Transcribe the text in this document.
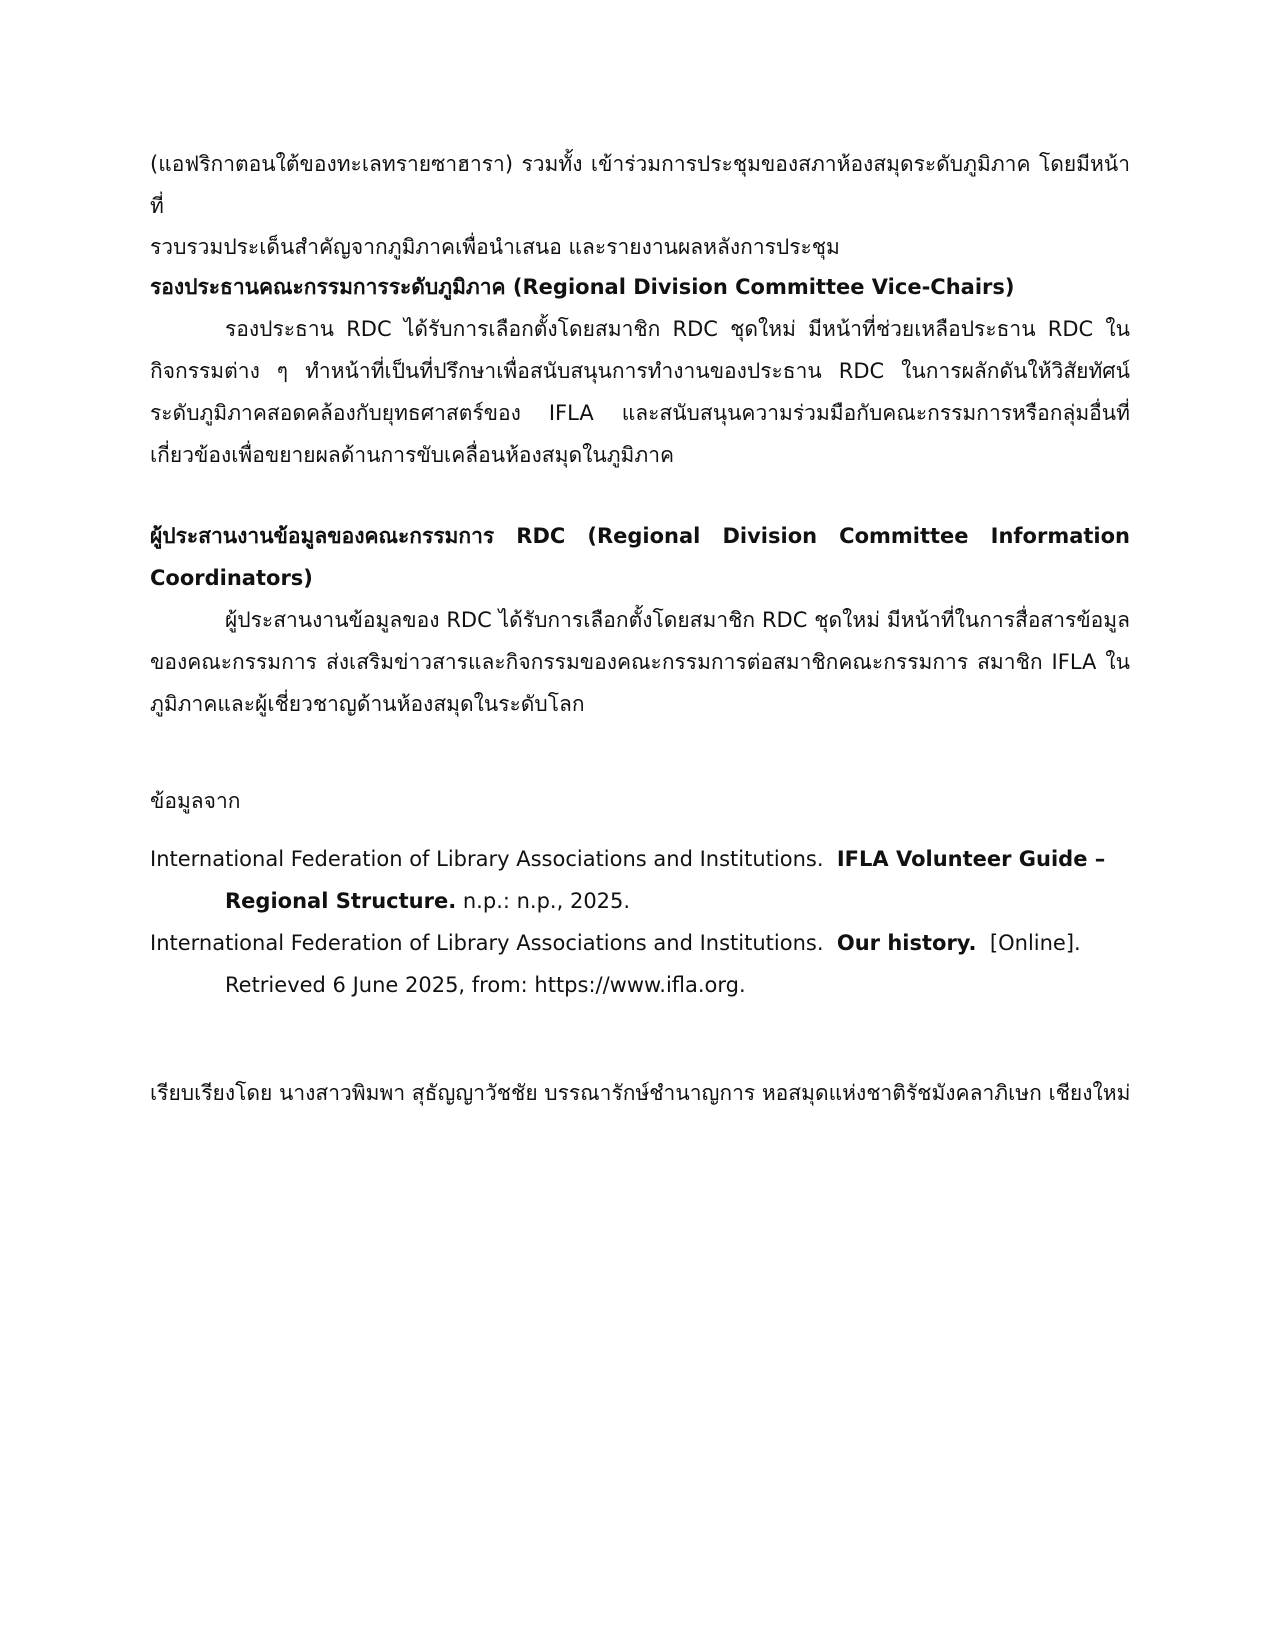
(แอฟริกาตอนใต้ของทะเลทรายซาฮารา) รวมทั้ง เข้าร่วมการประชุมของสภาห้องสมุดระดับภูมิภาค โดยมีหน้าที่

รวบรวมประเด็นสำคัญจากภูมิภาคเพื่อนำเสนอ และรายงานผลหลังการประชุม

รองประธานคณะกรรมการระดับภูมิภาค (Regional Division Committee Vice-Chairs)

รองประธาน RDC ได้รับการเลือกตั้งโดยสมาชิก RDC ชุดใหม่ มีหน้าที่ช่วยเหลือประธาน RDC ในกิจกรรมต่าง ๆ ทำหน้าที่เป็นที่ปรึกษาเพื่อสนับสนุนการทำงานของประธาน RDC ในการผลักดันให้วิสัยทัศน์ระดับภูมิภาคสอดคล้องกับยุทธศาสตร์ของ IFLA และสนับสนุนความร่วมมือกับคณะกรรมการหรือกลุ่มอื่นที่เกี่ยวข้องเพื่อขยายผลด้านการขับเคลื่อนห้องสมุดในภูมิภาค

ผู้ประสานงานข้อมูลของคณะกรรมการ RDC (Regional Division Committee Information Coordinators)

ผู้ประสานงานข้อมูลของ RDC ได้รับการเลือกตั้งโดยสมาชิก RDC ชุดใหม่ มีหน้าที่ในการสื่อสารข้อมูลของคณะกรรมการ ส่งเสริมข่าวสารและกิจกรรมของคณะกรรมการต่อสมาชิกคณะกรรมการ สมาชิก IFLA ในภูมิภาคและผู้เชี่ยวชาญด้านห้องสมุดในระดับโลก

ข้อมูลจาก

International Federation of Library Associations and Institutions. IFLA Volunteer Guide –

Regional Structure. n.p.: n.p., 2025.

International Federation of Library Associations and Institutions. Our history. [Online].

Retrieved 6 June 2025, from: https://www.ifla.org.

เรียบเรียงโดย นางสาวพิมพา สุธัญญาวัชชัย บรรณารักษ์ชำนาญการ หอสมุดแห่งชาติรัชมังคลาภิเษก เชียงใหม่
